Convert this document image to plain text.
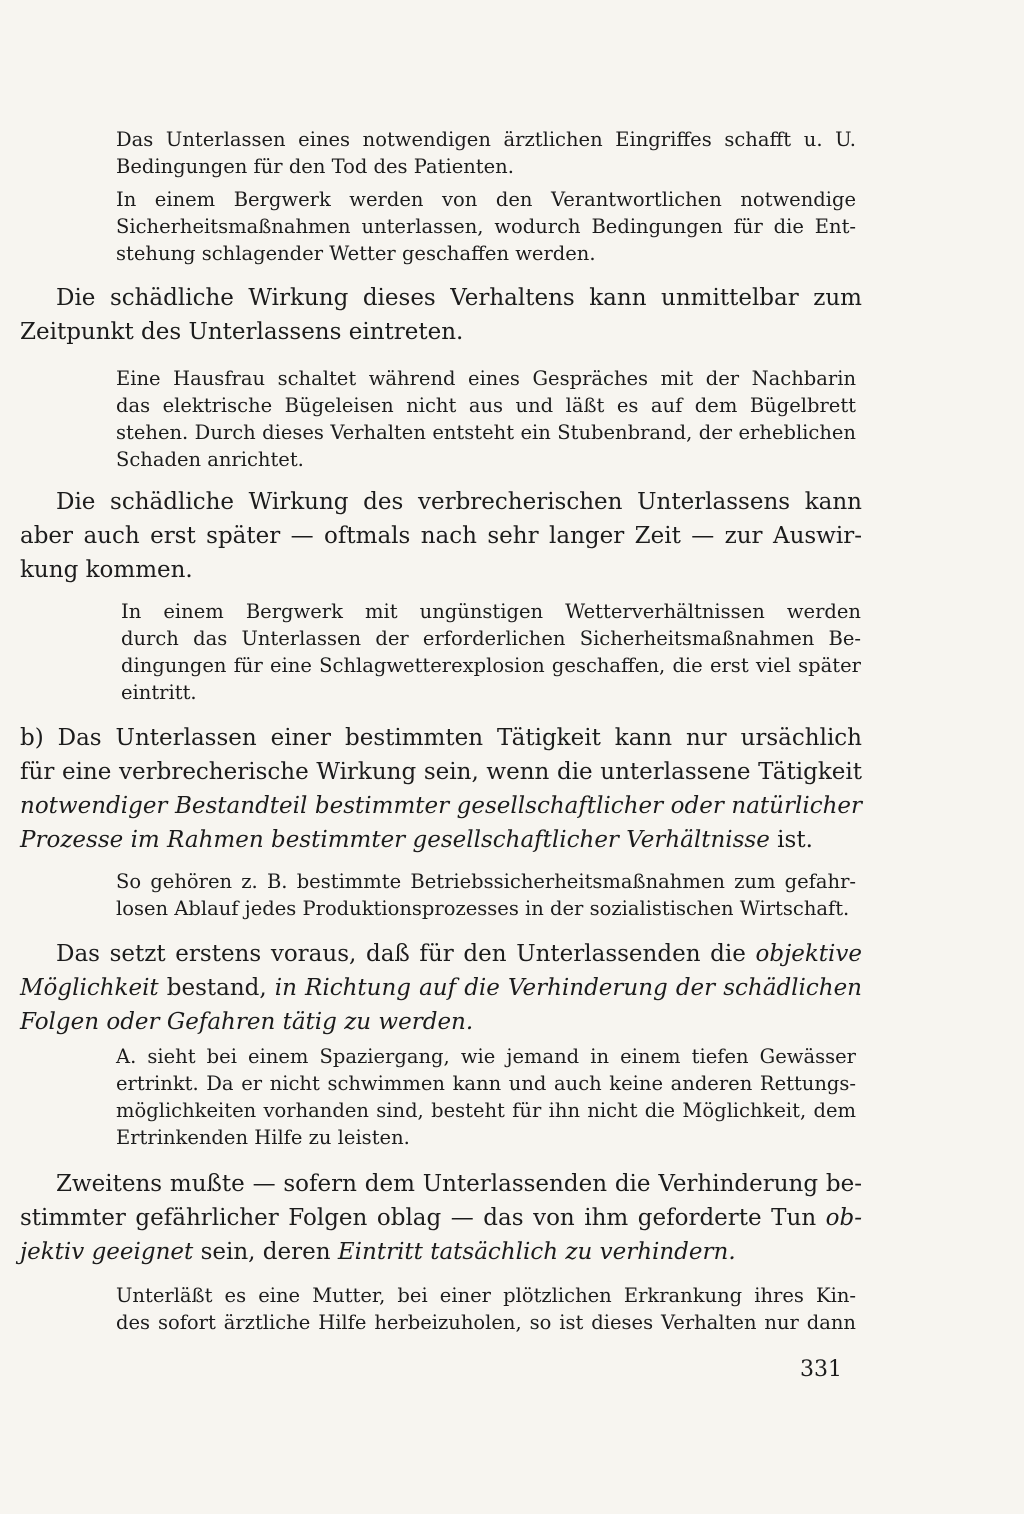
Das Unterlassen eines notwendigen ärztlichen Eingriffes schafft u. U.
Bedingungen für den Tod des Patienten.
In einem Bergwerk werden von den Verantwortlichen notwendige
Sicherheitsmaßnahmen unterlassen, wodurch Bedingungen für die Ent-
stehung schlagender Wetter geschaffen werden.
Die schädliche Wirkung dieses Verhaltens kann unmittelbar zum
Zeitpunkt des Unterlassens eintreten.
Eine Hausfrau schaltet während eines Gespräches mit der Nachbarin
das elektrische Bügeleisen nicht aus und läßt es auf dem Bügelbrett
stehen. Durch dieses Verhalten entsteht ein Stubenbrand, der erheblichen
Schaden anrichtet.
Die schädliche Wirkung des verbrecherischen Unterlassens kann
aber auch erst später — oftmals nach sehr langer Zeit — zur Auswir-
kung kommen.
In einem Bergwerk mit ungünstigen Wetterverhältnissen werden
durch das Unterlassen der erforderlichen Sicherheitsmaßnahmen Be-
dingungen für eine Schlagwetterexplosion geschaffen, die erst viel später
eintritt.
b) Das Unterlassen einer bestimmten Tätigkeit kann nur ursächlich
für eine verbrecherische Wirkung sein, wenn die unterlassene Tätigkeit
notwendiger Bestandteil bestimmter gesellschaftlicher oder natürlicher
Prozesse im Rahmen bestimmter gesellschaftlicher Verhältnisse ist.
So gehören z. B. bestimmte Betriebssicherheitsmaßnahmen zum gefahr-
losen Ablauf jedes Produktionsprozesses in der sozialistischen Wirtschaft.
Das setzt erstens voraus, daß für den Unterlassenden die objektive
Möglichkeit bestand, in Richtung auf die Verhinderung der schädlichen
Folgen oder Gefahren tätig zu werden.
A. sieht bei einem Spaziergang, wie jemand in einem tiefen Gewässer
ertrinkt. Da er nicht schwimmen kann und auch keine anderen Rettungs-
möglichkeiten vorhanden sind, besteht für ihn nicht die Möglichkeit, dem
Ertrinkenden Hilfe zu leisten.
Zweitens mußte — sofern dem Unterlassenden die Verhinderung be-
stimmter gefährlicher Folgen oblag — das von ihm geforderte Tun ob-
jektiv geeignet sein, deren Eintritt tatsächlich zu verhindern.
Unterläßt es eine Mutter, bei einer plötzlichen Erkrankung ihres Kin-
des sofort ärztliche Hilfe herbeizuholen, so ist dieses Verhalten nur dann
331
